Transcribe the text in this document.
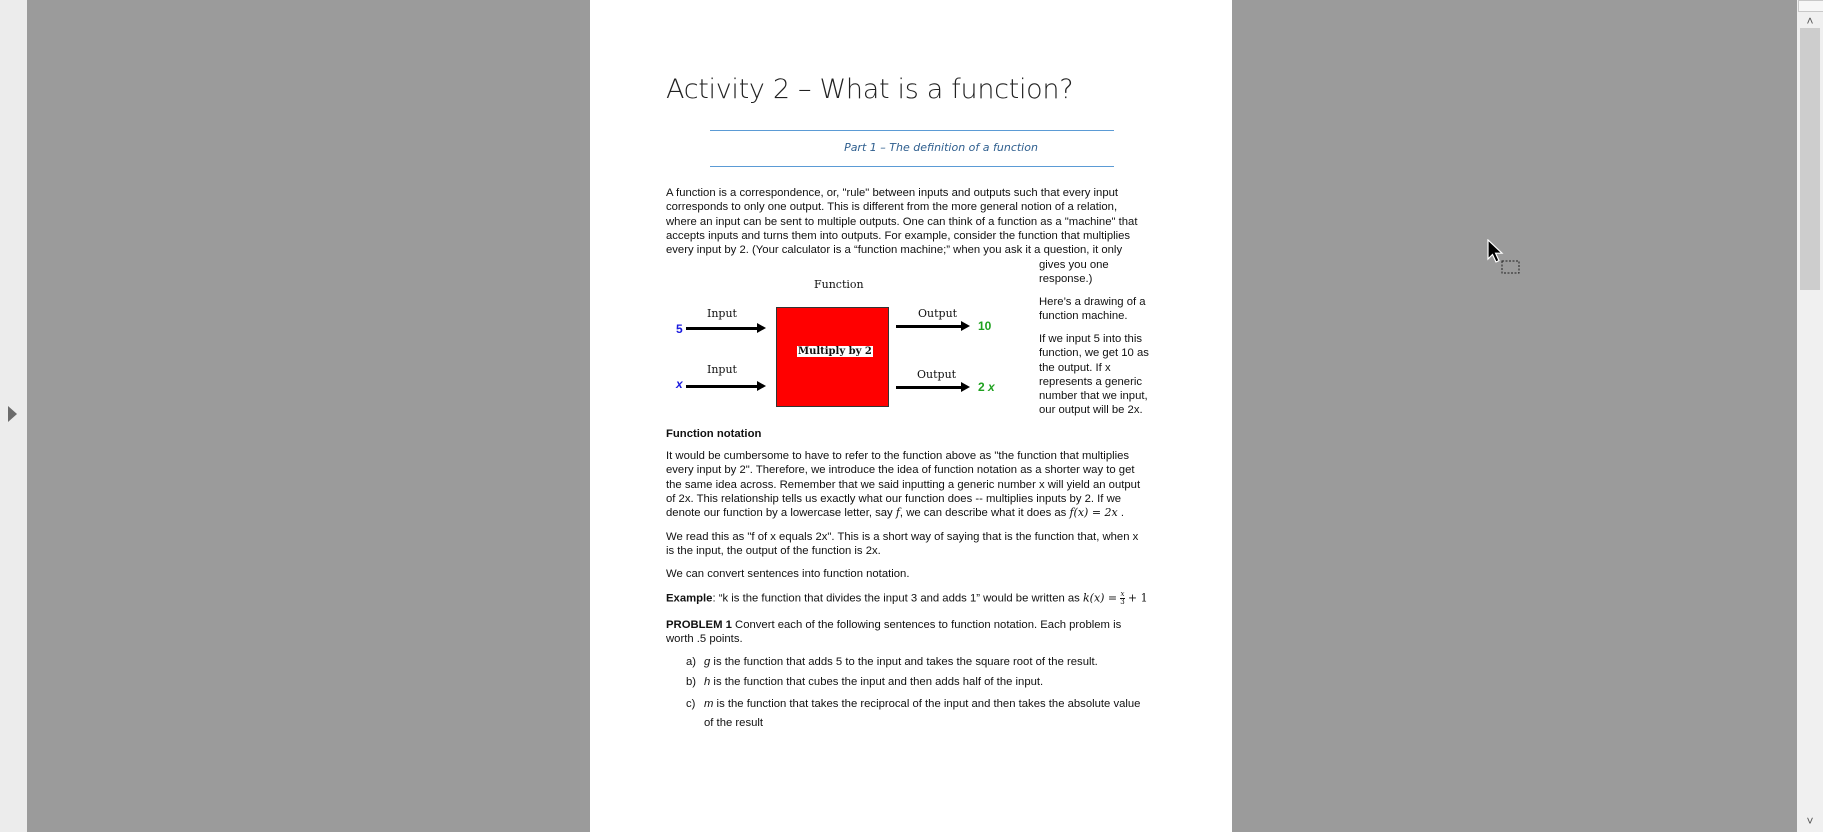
Activity 2 – What is a function?
Part 1 – The definition of a function
A function is a correspondence, or, "rule" between inputs and outputs such that every input
corresponds to only one output. This is different from the more general notion of a relation,
where an input can be sent to multiple outputs. One can think of a function as a "machine" that
accepts inputs and turns them into outputs. For example, consider the function that multiplies
every input by 2. (Your calculator is a “function machine;” when you ask it a question, it only
gives you one
response.)
Here’s a drawing of a
function machine.
If we input 5 into this
function, we get 10 as
the output. If x
represents a generic
number that we input,
our output will be 2x.
Function
Input
Input
Output
Output
5
x
Multiply by 2
10
2 x
Function notation
It would be cumbersome to have to refer to the function above as "the function that multiplies
every input by 2". Therefore, we introduce the idea of function notation as a shorter way to get
the same idea across. Remember that we said inputting a generic number x will yield an output
of 2x. This relationship tells us exactly what our function does -- multiplies inputs by 2. If we
denote our function by a lowercase letter, say f, we can describe what it does as f(x) = 2x .
We read this as "f of x equals 2x". This is a short way of saying that is the function that, when x
is the input, the output of the function is 2x.
We can convert sentences into function notation.
Example: “k is the function that divides the input 3 and adds 1” would be written as $k(x) = \frac{x}{3} + 1$
PROBLEM 1 Convert each of the following sentences to function notation. Each problem is
worth .5 points.
a) g is the function that adds 5 to the input and takes the square root of the result.
b) h is the function that cubes the input and then adds half of the input.
c) m is the function that takes the reciprocal of the input and then takes the absolute value
of the result
˄
˅
